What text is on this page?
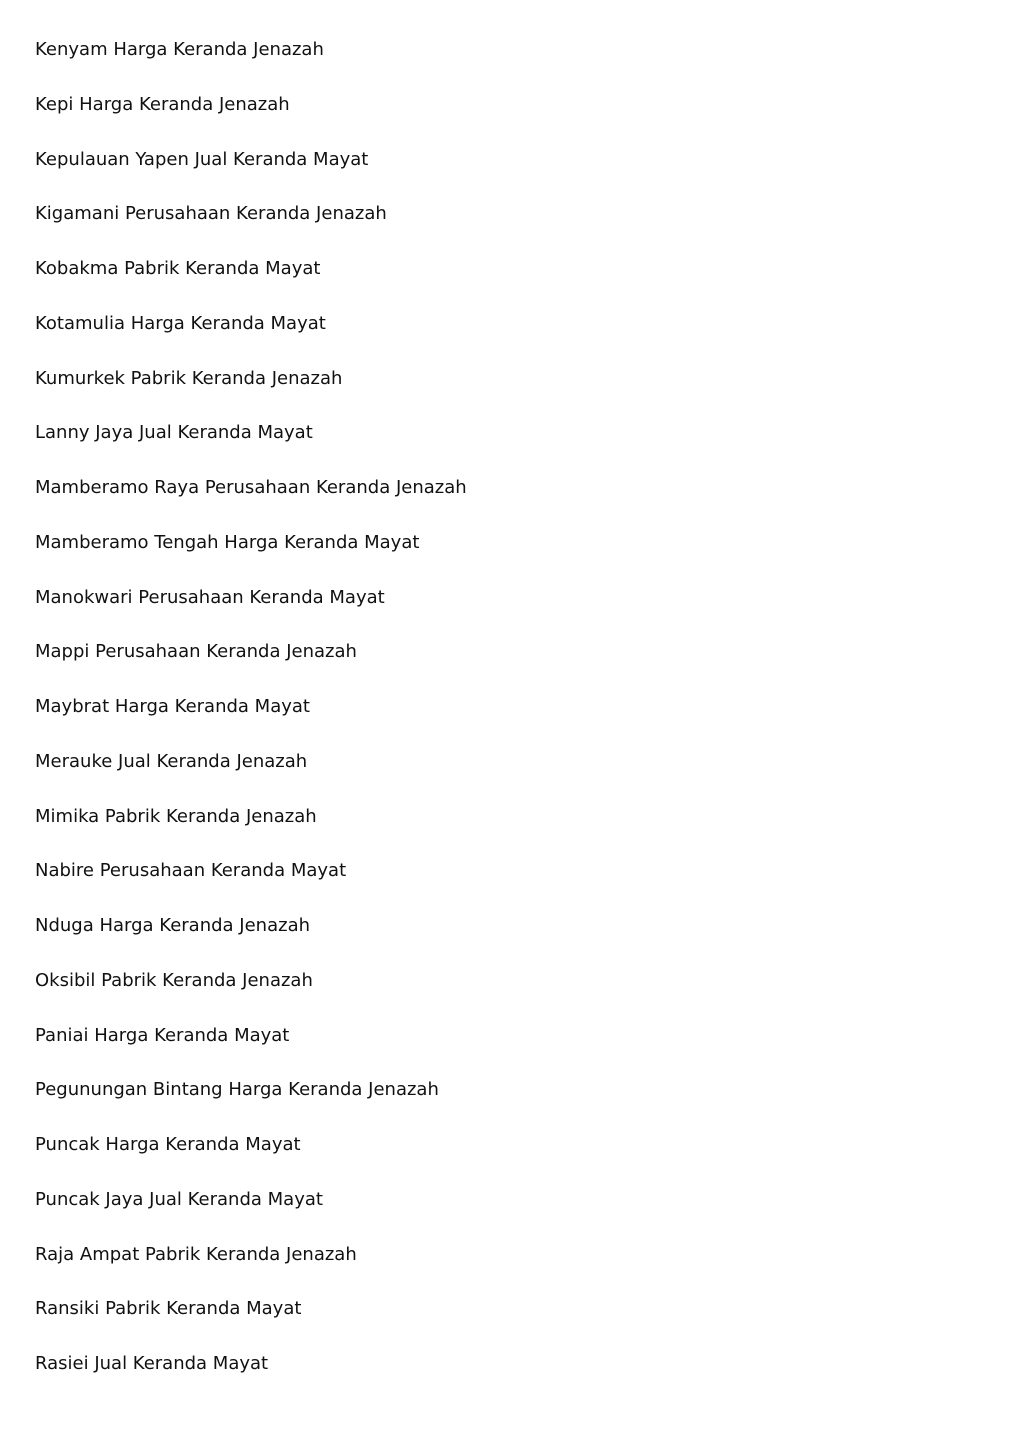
Kenyam Harga Keranda Jenazah
Kepi Harga Keranda Jenazah
Kepulauan Yapen Jual Keranda Mayat
Kigamani Perusahaan Keranda Jenazah
Kobakma Pabrik Keranda Mayat
Kotamulia Harga Keranda Mayat
Kumurkek Pabrik Keranda Jenazah
Lanny Jaya Jual Keranda Mayat
Mamberamo Raya Perusahaan Keranda Jenazah
Mamberamo Tengah Harga Keranda Mayat
Manokwari Perusahaan Keranda Mayat
Mappi Perusahaan Keranda Jenazah
Maybrat Harga Keranda Mayat
Merauke Jual Keranda Jenazah
Mimika Pabrik Keranda Jenazah
Nabire Perusahaan Keranda Mayat
Nduga Harga Keranda Jenazah
Oksibil Pabrik Keranda Jenazah
Paniai Harga Keranda Mayat
Pegunungan Bintang Harga Keranda Jenazah
Puncak Harga Keranda Mayat
Puncak Jaya Jual Keranda Mayat
Raja Ampat Pabrik Keranda Jenazah
Ransiki Pabrik Keranda Mayat
Rasiei Jual Keranda Mayat
